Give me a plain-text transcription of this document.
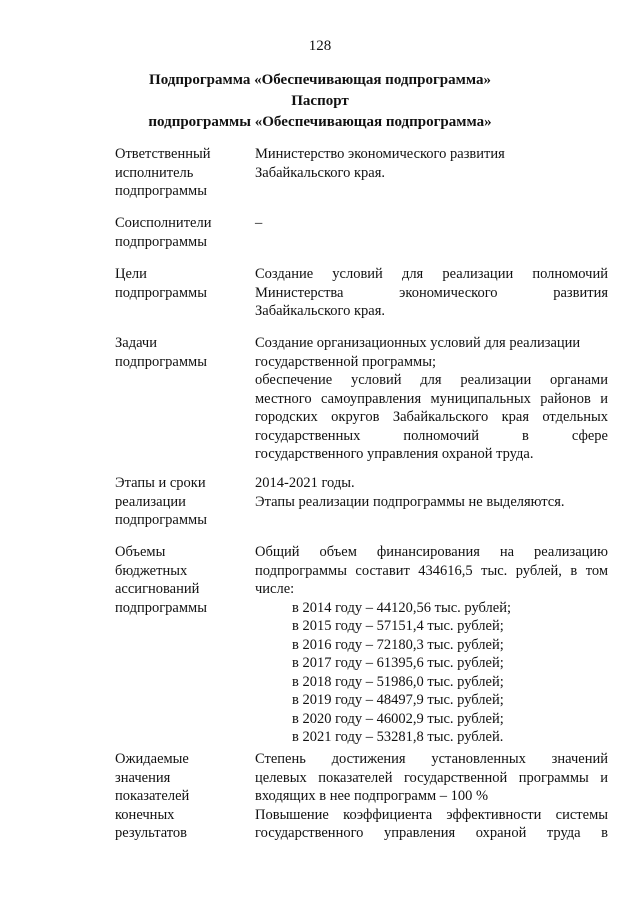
128
Подпрограмма «Обеспечивающая подпрограмма»
Паспорт
подпрограммы «Обеспечивающая подпрограмма»
Ответственный
исполнитель
подпрограммы
Министерство экономического развития
Забайкальского края.
Соисполнители
подпрограммы
–
Цели
подпрограммы
Создание условий для реализации полномочий
Министерства экономического развития
Забайкальского края.
Задачи
подпрограммы
Создание организационных условий для реализации
государственной программы;
обеспечение условий для реализации органами
местного самоуправления муниципальных районов и
городских округов Забайкальского края отдельных
государственных полномочий в сфере
государственного управления охраной труда.
Этапы и сроки
реализации
подпрограммы
2014-2021 годы.
Этапы реализации подпрограммы не выделяются.
Объемы
бюджетных
ассигнований
подпрограммы
Общий объем финансирования на реализацию
подпрограммы составит 434616,5 тыс. рублей, в том
числе:
в 2014 году – 44120,56 тыс. рублей;
в 2015 году – 57151,4 тыс. рублей;
в 2016 году – 72180,3 тыс. рублей;
в 2017 году – 61395,6 тыс. рублей;
в 2018 году – 51986,0 тыс. рублей;
в 2019 году – 48497,9 тыс. рублей;
в 2020 году – 46002,9 тыс. рублей;
в 2021 году – 53281,8 тыс. рублей.
Ожидаемые
значения
показателей
конечных
результатов
Степень достижения установленных значений
целевых показателей государственной программы и
входящих в нее подпрограмм – 100 %
Повышение коэффициента эффективности системы
государственного управления охраной труда в
